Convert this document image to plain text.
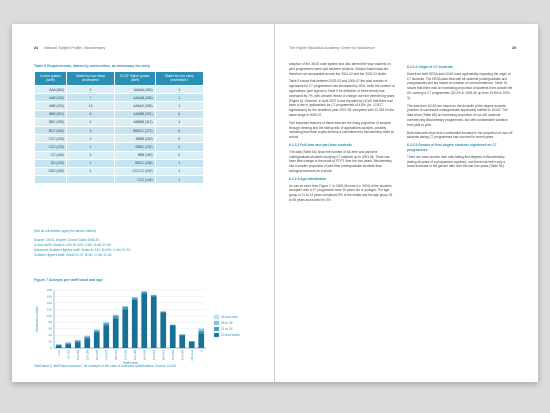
24 National Subject Profile • Biochemistry
Table 6 Requirements, stated by universities, as necessary for entry
A-level grades (tariff)	Stated by how many universities?	SCQF Higher grades (tariff)	Stated by how many universities?
AAA (360)	1	AAAAA (360)	1
AAB (340)	7	AAAAB (346)	1
ABB (320)	13	AAAAC (336)	1
BBB (300)	8	AAABB (331)	6
BBC (280)	4	ABBBB (312)	4
BCC (260)	5	BBBCC (272)	6
CCC (240)	2	BBBB (240)	5
CCD (220)	1	BBBC (230)	2
CC (160)	4	BBB (180)	2
DD (120)	1	BBCC (236)	1
DDD (180)	1	CCCCC (240)	1
		CCC (144)	1
(Not all universities apply the above criteria)
Source: CRAC Degree Course Guide 2006-07.
A-level tariff: Grade A=120; B=100; C=80; D=60; E=40.
Advanced Scottish Highers tariff: Grade A=120; B=100; C=80; D=72.
Scottish Highers tariff: Grade A=72; B=60; C=48; D=42.
Figure 7 Accepts per tariff band and age
0
20
40
60
80
100
120
140
160
180
Students number
0-79 80-119 120-159 160-199 200-239 240-279 280-319 320-359 360-399 400-439 440-479 480-519 520-559 560-599 600 plus U
Tariff band
40 and over
25 to 39
21 to 24
20 and under
Tariff band U ‘tariff band unknown’, for example in the case of overseas qualifications. Source: UCAS.
The Higher Education Academy Centre for Bioscience	25

adoption of the JACS code system and also altered the way students on joint programmes were split between subjects. Subject-based data are therefore not comparable across the 2001-02 and the 2002-03 divide.

Table 5 shows that between 2002-03 and 2006-07 the total number of applicants for C7 programmes has decreased by 16%, while the number of applications (see legend to Table 5 for definition of these terms) has increased by 7%, with variable trends of change over the intervening years (Figure 8). However, in April 2007 it was reported by UCAS that there had been a rise in applications for C7 programmes of 4.6% (i.e. 12,817 applications) for the academic year 2007-08, compared with 12,253 for the same stage in 2006-07.

Two important features of these data are the rising proportion of accepts through clearing and the falling ratio of applications:accepts, possibly indicating that fewer pupils develop a commitment to biochemistry while at school.

6.2.2.2 Full-time and part-time students

The data (Table 6A) show the number of full-time and part-time undergraduate students studying C7 subjects up to 2003-06. There has been little change in the mode of FT:PT over the four years. Biochemistry has a smaller proportion of part-time undergraduate students than biological sciences as a whole.

6.2.2.3 Age distribution

As can be seen from Figure 7, in 2005-06 most (i.e. 93%) of the students accepted onto a C7 programme were 20 years old or younger. The age group of 21 to 24 years comprised 5% of the intake and the age group 25 to 39 years accounted for 2%.

6.2.2.4 Origin of C7 students

Data from both HESA and UCAS have applicability regarding the origin of C7 students. The HESA data deal with all students (undergraduate and postgraduate) and are based on location of normal residence. Table 7A shows that there was an increasing proportion of students from outside the UK coming to C7 programmes (20.2% in 2005-06 up from 15.8% in 2002-3).

The data from UCAS are based on the domicile of the degree accepts (number of successful undergraduate applicants) notified to UCAS. The data show (Table 8A) an increasing proportion of non-UK students commencing Biochemistry programmes, but with considerable variation from year to year.

Both data sets show that a substantial increase in the proportion of non-UK students taking C7 programmes has occurred in recent years.

6.2.2.5 Gender of first-degree students registered on C7 programmes

There are more women than men taking first degrees in Biochemistry (taking all years of a programme together), and there has been only a small decrease in the gender ratio over the last four years (Table 9A).
